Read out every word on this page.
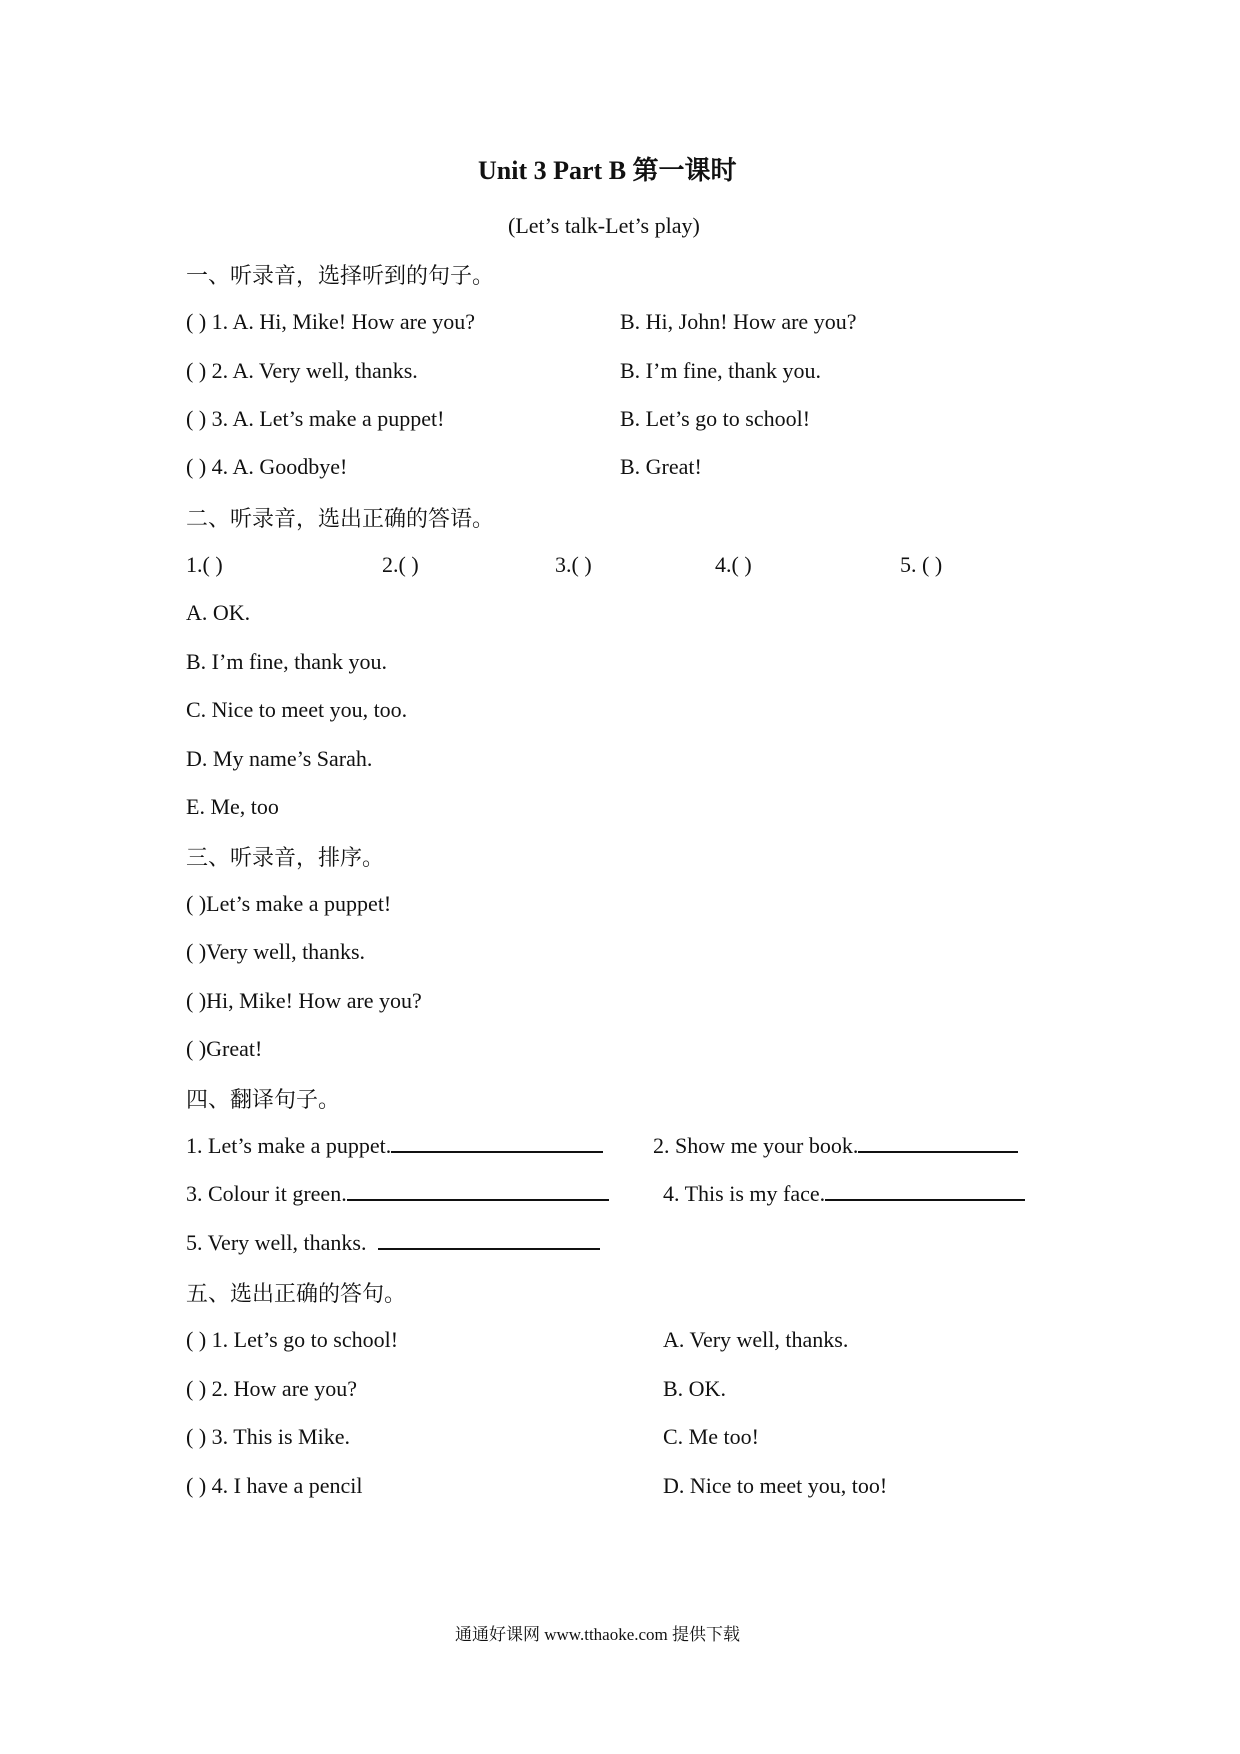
Unit 3 Part B 第一课时
(Let’s talk-Let’s play)
一、听录音，选择听到的句子。
( ) 1. A. Hi, Mike! How are you?	B. Hi, John! How are you?
( ) 2. A. Very well, thanks.	B. I’m fine, thank you.
( ) 3. A. Let’s make a puppet!	B. Let’s go to school!
( ) 4. A. Goodbye!	B. Great!
二、听录音，选出正确的答语。
1.( )	2.( )	3.( )	4.( )	5. ( )
A. OK.
B. I’m fine, thank you.
C. Nice to meet you, too.
D. My name’s Sarah.
E. Me, too
三、听录音，排序。
( )Let’s make a puppet!
( )Very well, thanks.
( )Hi, Mike! How are you?
( )Great!
四、翻译句子。
1. Let’s make a puppet.	2. Show me your book.
3. Colour it green.	4. This is my face.
5. Very well, thanks.
五、选出正确的答句。
( ) 1. Let’s go to school!	A. Very well, thanks.
( ) 2. How are you?	B. OK.
( ) 3. This is Mike.	C. Me too!
( ) 4. I have a pencil	D. Nice to meet you, too!
通通好课网 www.tthaoke.com 提供下载
